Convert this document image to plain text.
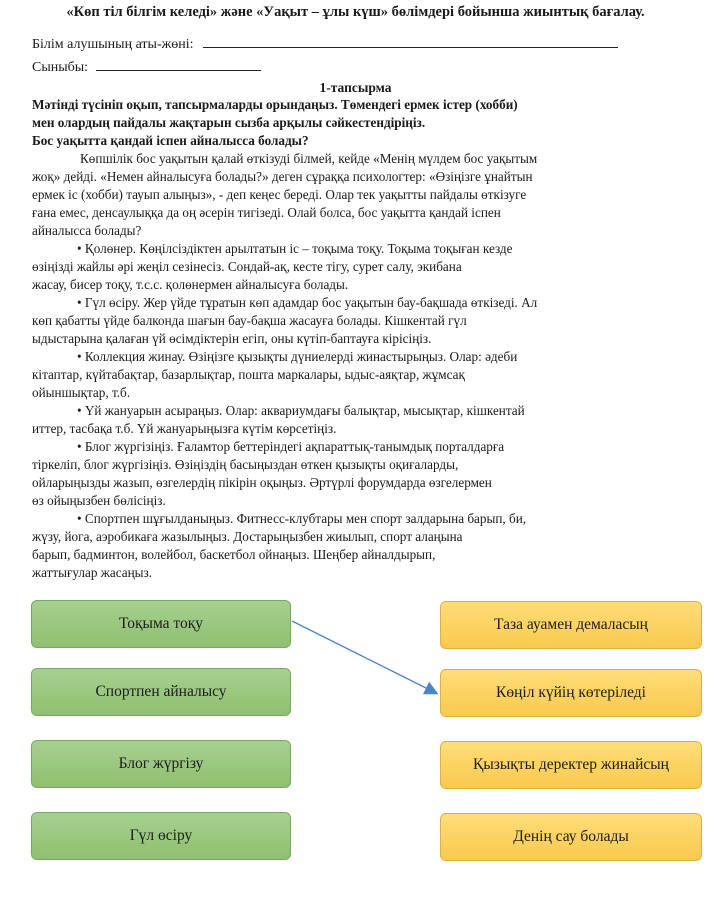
«Көп тіл білгім келеді» және «Уақыт – ұлы күш» бөлімдері бойынша жиынтық бағалау.
Білім алушының аты-жөні:
Сыныбы:
1-тапсырма

Мәтінді түсініп оқып, тапсырмаларды орындаңыз. Төмендегі ермек істер (хобби)

мен олардың пайдалы жақтарын сызба арқылы сәйкестендіріңіз.

Бос уақытта қандай іспен айналысса болады?

Көпшілік бос уақытын қалай өткізуді білмей, кейде «Менің мүлдем бос уақытым

жоқ» дейді. «Немен айналысуға болады?» деген сұраққа психологтер: «Өзіңізге ұнайтын

ермек іс (хобби) тауып алыңыз», - деп кеңес береді. Олар тек уақытты пайдалы өткізуге

ғана емес, денсаулыққа да оң әсерін тигізеді. Олай болса, бос уақытта қандай іспен

айналысса болады?

• Қолөнер. Көңілсіздіктен арылтатын іс – тоқыма тоқу. Тоқыма тоқыған кезде

өзіңізді жайлы әрі жеңіл сезінесіз. Сондай-ақ, кесте тігу, сурет салу, экибана

жасау, бисер тоқу, т.с.с. қолөнермен айналысуға болады.

• Гүл өсіру. Жер үйде тұратын көп адамдар бос уақытын бау-бақшада өткізеді. Ал

көп қабатты үйде балконда шағын бау-бақша жасауға болады. Кішкентай гүл

ыдыстарына қалаған үй өсімдіктерін егіп, оны күтіп-баптауға кірісіңіз.

• Коллекция жинау. Өзіңізге қызықты дүниелерді жинастырыңыз. Олар: әдеби

кітаптар, күйтабақтар, базарлықтар, пошта маркалары, ыдыс-аяқтар, жұмсақ

ойыншықтар, т.б.

• Үй жануарын асыраңыз. Олар: аквариумдағы балықтар, мысықтар, кішкентай

иттер, тасбақа т.б. Үй жануарыңызға күтім көрсетіңіз.

• Блог жүргізіңіз. Ғаламтор беттеріндегі ақпараттық-танымдық порталдарға

тіркеліп, блог жүргізіңіз. Өзіңіздің басыңыздан өткен қызықты оқиғаларды,

ойларыңызды жазып, өзгелердің пікірін оқыңыз. Әртүрлі форумдарда өзгелермен

өз ойыңызбен бөлісіңіз.

• Спортпен шұғылданыңыз. Фитнесс-клубтары мен спорт залдарына барып, би,

жүзу, йога, аэробикаға жазылыңыз. Достарыңызбен жиылып, спорт алаңына

барып, бадминтон, волейбол, баскетбол ойнаңыз. Шеңбер айналдырып,

жаттығулар жасаңыз.

Тоқыма тоқу
Спортпен айналысу
Блог жүргізу
Гүл өсіру
Таза ауамен демаласың
Көңіл күйің көтеріледі
Қызықты деректер жинайсың
Денің сау болады
